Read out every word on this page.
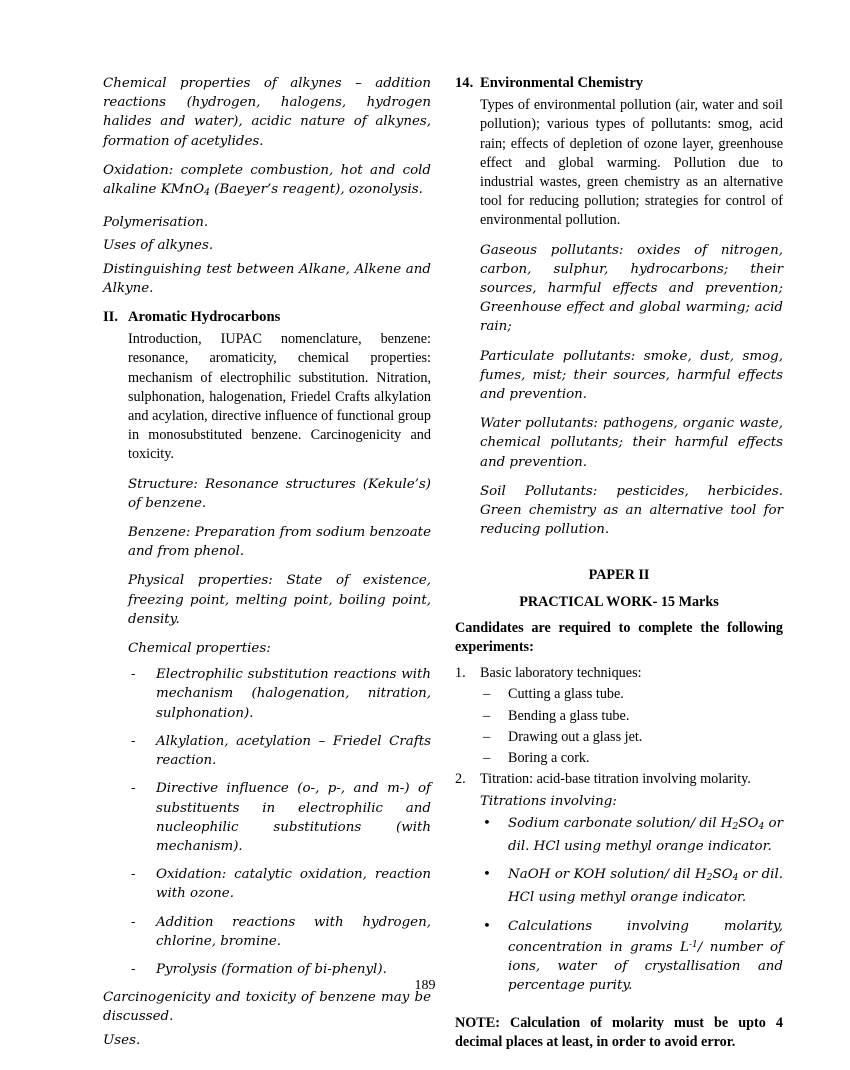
Chemical properties of alkynes – addition reactions (hydrogen, halogens, hydrogen halides and water), acidic nature of alkynes, formation of acetylides.

Oxidation: complete combustion, hot and cold alkaline KMnO$_4$ (Baeyer’s reagent), ozonolysis.

Polymerisation.

Uses of alkynes.

Distinguishing test between Alkane, Alkene and Alkyne.

II. Aromatic Hydrocarbons

Introduction, IUPAC nomenclature, benzene: resonance, aromaticity, chemical properties: mechanism of electrophilic substitution. Nitration, sulphonation, halogenation, Friedel Crafts alkylation and acylation, directive influence of functional group in monosubstituted benzene. Carcinogenicity and toxicity.

Structure: Resonance structures (Kekule’s) of benzene.

Benzene: Preparation from sodium benzoate and from phenol.

Physical properties: State of existence, freezing point, melting point, boiling point, density.

Chemical properties:

- Electrophilic substitution reactions with mechanism (halogenation, nitration, sulphonation).
- Alkylation, acetylation – Friedel Crafts reaction.
- Directive influence (o-, p-, and m-) of substituents in electrophilic and nucleophilic substitutions (with mechanism).
- Oxidation: catalytic oxidation, reaction with ozone.
- Addition reactions with hydrogen, chlorine, bromine.
- Pyrolysis (formation of bi-phenyl).

Carcinogenicity and toxicity of benzene may be discussed.

Uses.

14. Environmental Chemistry

Types of environmental pollution (air, water and soil pollution); various types of pollutants: smog, acid rain; effects of depletion of ozone layer, greenhouse effect and global warming. Pollution due to industrial wastes, green chemistry as an alternative tool for reducing pollution; strategies for control of environmental pollution.

Gaseous pollutants: oxides of nitrogen, carbon, sulphur, hydrocarbons; their sources, harmful effects and prevention; Greenhouse effect and global warming; acid rain;

Particulate pollutants: smoke, dust, smog, fumes, mist; their sources, harmful effects and prevention.

Water pollutants: pathogens, organic waste, chemical pollutants; their harmful effects and prevention.

Soil Pollutants: pesticides, herbicides. Green chemistry as an alternative tool for reducing pollution.

PAPER II

PRACTICAL WORK- 15 Marks

Candidates are required to complete the following experiments:

1. Basic laboratory techniques:
– Cutting a glass tube.
– Bending a glass tube.
– Drawing out a glass jet.
– Boring a cork.
2. Titration: acid-base titration involving molarity.
Titrations involving:
• Sodium carbonate solution/ dil $H_2SO_4$ or dil. HCl using methyl orange indicator.
• NaOH or KOH solution/ dil $H_2SO_4$ or dil. HCl using methyl orange indicator.
• Calculations involving molarity, concentration in grams $L^{-1}/$ number of ions, water of crystallisation and percentage purity.

NOTE: Calculation of molarity must be upto 4 decimal places at least, in order to avoid error.

189
